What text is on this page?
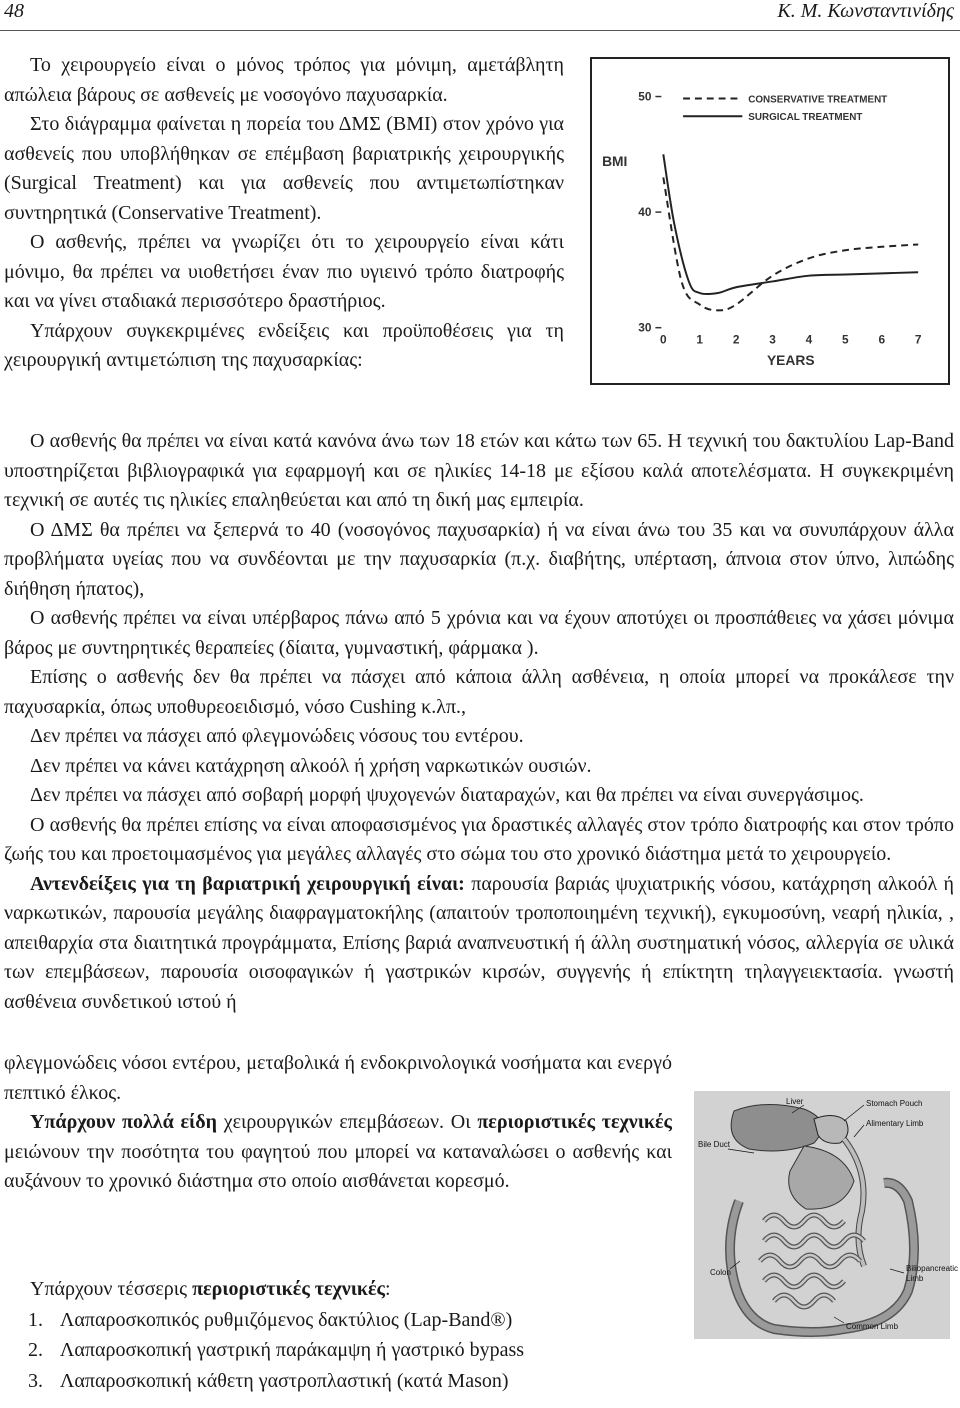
48	Κ. Μ. Κωνσταντινίδης

Το χειρουργείο είναι ο μόνος τρόπος για μόνιμη, αμετάβλητη απώλεια βάρους σε ασθενείς με νοσογόνο παχυσαρκία.

Στο διάγραμμα φαίνεται η πορεία του ΔΜΣ (BMI) στον χρόνο για ασθενείς που υποβλήθηκαν σε επέμβαση βαριατρικής χειρουργικής (Surgical Treatment) και για ασθενείς που αντιμετωπίστηκαν συντηρητικά (Conservative Treatment).

Ο ασθενής, πρέπει να γνωρίζει ότι το χειρουργείο είναι κάτι μόνιμο, θα πρέπει να υιοθετήσει έναν πιο υγιεινό τρόπο διατροφής και να γίνει σταδιακά περισσότερο δραστήριος.

Υπάρχουν συγκεκριμένες ενδείξεις και προϋποθέσεις για τη χειρουργική αντιμετώπιση της παχυσαρκίας:

30
40
50
BMI
0 1 2 3 4 5 6 7
YEARS
CONSERVATIVE TREATMENT
SURGICAL TREATMENT

Ο ασθενής θα πρέπει να είναι κατά κανόνα άνω των 18 ετών και κάτω των 65. Η τεχνική του δακτυλίου Lap-Band υποστηρίζεται βιβλιογραφικά για εφαρμογή και σε ηλικίες 14-18 με εξίσου καλά αποτελέσματα. Η συγκεκριμένη τεχνική σε αυτές τις ηλικίες επαληθεύεται και από τη δική μας εμπειρία.

Ο ΔΜΣ θα πρέπει να ξεπερνά το 40 (νοσογόνος παχυσαρκία) ή να είναι άνω του 35 και να συνυπάρχουν άλλα προβλήματα υγείας που να συνδέονται με την παχυσαρκία (π.χ. διαβήτης, υπέρταση, άπνοια στον ύπνο, λιπώδης διήθηση ήπατος),

Ο ασθενής πρέπει να είναι υπέρβαρος πάνω από 5 χρόνια και να έχουν αποτύχει οι προσπάθειες να χάσει μόνιμα βάρος με συντηρητικές θεραπείες (δίαιτα, γυμναστική, φάρμακα ).

Επίσης ο ασθενής δεν θα πρέπει να πάσχει από κάποια άλλη ασθένεια, η οποία μπορεί να προκάλεσε την παχυσαρκία, όπως υποθυρεοειδισμό, νόσο Cushing κ.λπ.,

Δεν πρέπει να πάσχει από φλεγμονώδεις νόσους του εντέρου.

Δεν πρέπει να κάνει κατάχρηση αλκοόλ ή χρήση ναρκωτικών ουσιών.

Δεν πρέπει να πάσχει από σοβαρή μορφή ψυχογενών διαταραχών, και θα πρέπει να είναι συνεργάσιμος.

Ο ασθενής θα πρέπει επίσης να είναι αποφασισμένος για δραστικές αλλαγές στον τρόπο διατροφής και στον τρόπο ζωής του και προετοιμασμένος για μεγάλες αλλαγές στο σώμα του στο χρονικό διάστημα μετά το χειρουργείο.

Αντενδείξεις για τη βαριατρική χειρουργική είναι: παρουσία βαριάς ψυχιατρικής νόσου, κατάχρηση αλκοόλ ή ναρκωτικών, παρουσία μεγάλης διαφραγματοκήλης (απαιτούν τροποποιημένη τεχνική), εγκυμοσύνη, νεαρή ηλικία, , απειθαρχία στα διαιτητικά προγράμματα, Επίσης βαριά αναπνευστική ή άλλη συστηματική νόσος, αλλεργία σε υλικά των επεμβάσεων, παρουσία οισοφαγικών ή γαστρικών κιρσών, συγγενής ή επίκτητη τηλαγγειεκτασία. γνωστή ασθένεια συνδετικού ιστού ή

φλεγμονώδεις νόσοι εντέρου, μεταβολικά ή ενδοκρινολογικά νοσήματα και ενεργό πεπτικό έλκος.

Υπάρχουν πολλά είδη χειρουργικών επεμβάσεων. Οι περιοριστικές τεχνικές μειώνουν την ποσότητα του φαγητού που μπορεί να καταναλώσει ο ασθενής και αυξάνουν το χρονικό διάστημα στο οποίο αισθάνεται κορεσμό.

Liver	Stomach Pouch
Alimentary Limb
Bile Duct
Colon	Biliopancreatic
Limb
Common Limb
Υπάρχουν τέσσερις περιοριστικές τεχνικές:
1. Λαπαροσκοπικός ρυθμιζόμενος δακτύλιος (Lap-Band®)
2. Λαπαροσκοπική γαστρική παράκαμψη ή γαστρικό bypass
3. Λαπαροσκοπική κάθετη γαστροπλαστική (κατά Mason)
